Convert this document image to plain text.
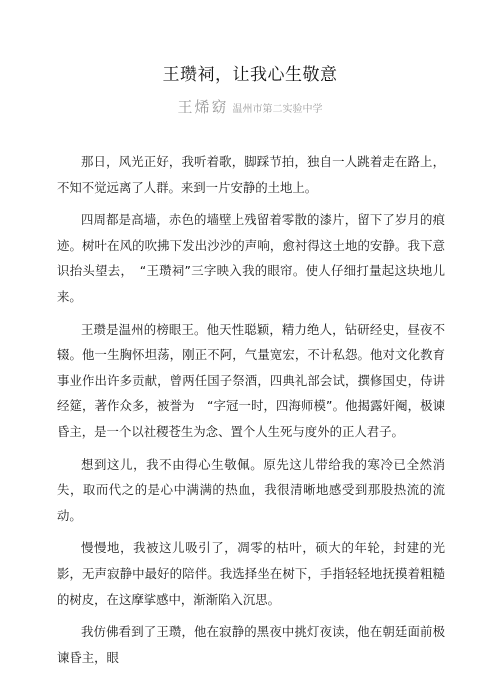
王瓒祠，让我心生敬意
王烯窈 温州市第二实验中学

那日，风光正好，我听着歌，脚踩节拍，独自一人跳着走在路上，不知不觉远离了人群。来到一片安静的土地上。

四周都是高墙，赤色的墙壁上残留着零散的漆片，留下了岁月的痕迹。树叶在风的吹拂下发出沙沙的声响，愈衬得这土地的安静。我下意识抬头望去，　“王瓒祠”三字映入我的眼帘。使人仔细打量起这块地儿来。

王瓒是温州的榜眼王。他天性聪颖，精力绝人，钻研经史，昼夜不辍。他一生胸怀坦荡，刚正不阿，气量宽宏，不计私怨。他对文化教育事业作出许多贡献，曾两任国子祭酒，四典礼部会试，撰修国史，侍讲经筵，著作众多，被誉为　“字冠一时，四海师模”。他揭露奸阉，极谏昏主，是一个以社稷苍生为念、置个人生死与度外的正人君子。

想到这儿，我不由得心生敬佩。原先这儿带给我的寒冷已全然消失，取而代之的是心中满满的热血，我很清晰地感受到那股热流的流动。

慢慢地，我被这儿吸引了，凋零的枯叶，硕大的年轮，封建的光影，无声寂静中最好的陪伴。我选择坐在树下，手指轻轻地抚摸着粗糙的树皮，在这摩挲感中，渐渐陷入沉思。

我仿佛看到了王瓒，他在寂静的黑夜中挑灯夜读，他在朝廷面前极谏昏主，眼
